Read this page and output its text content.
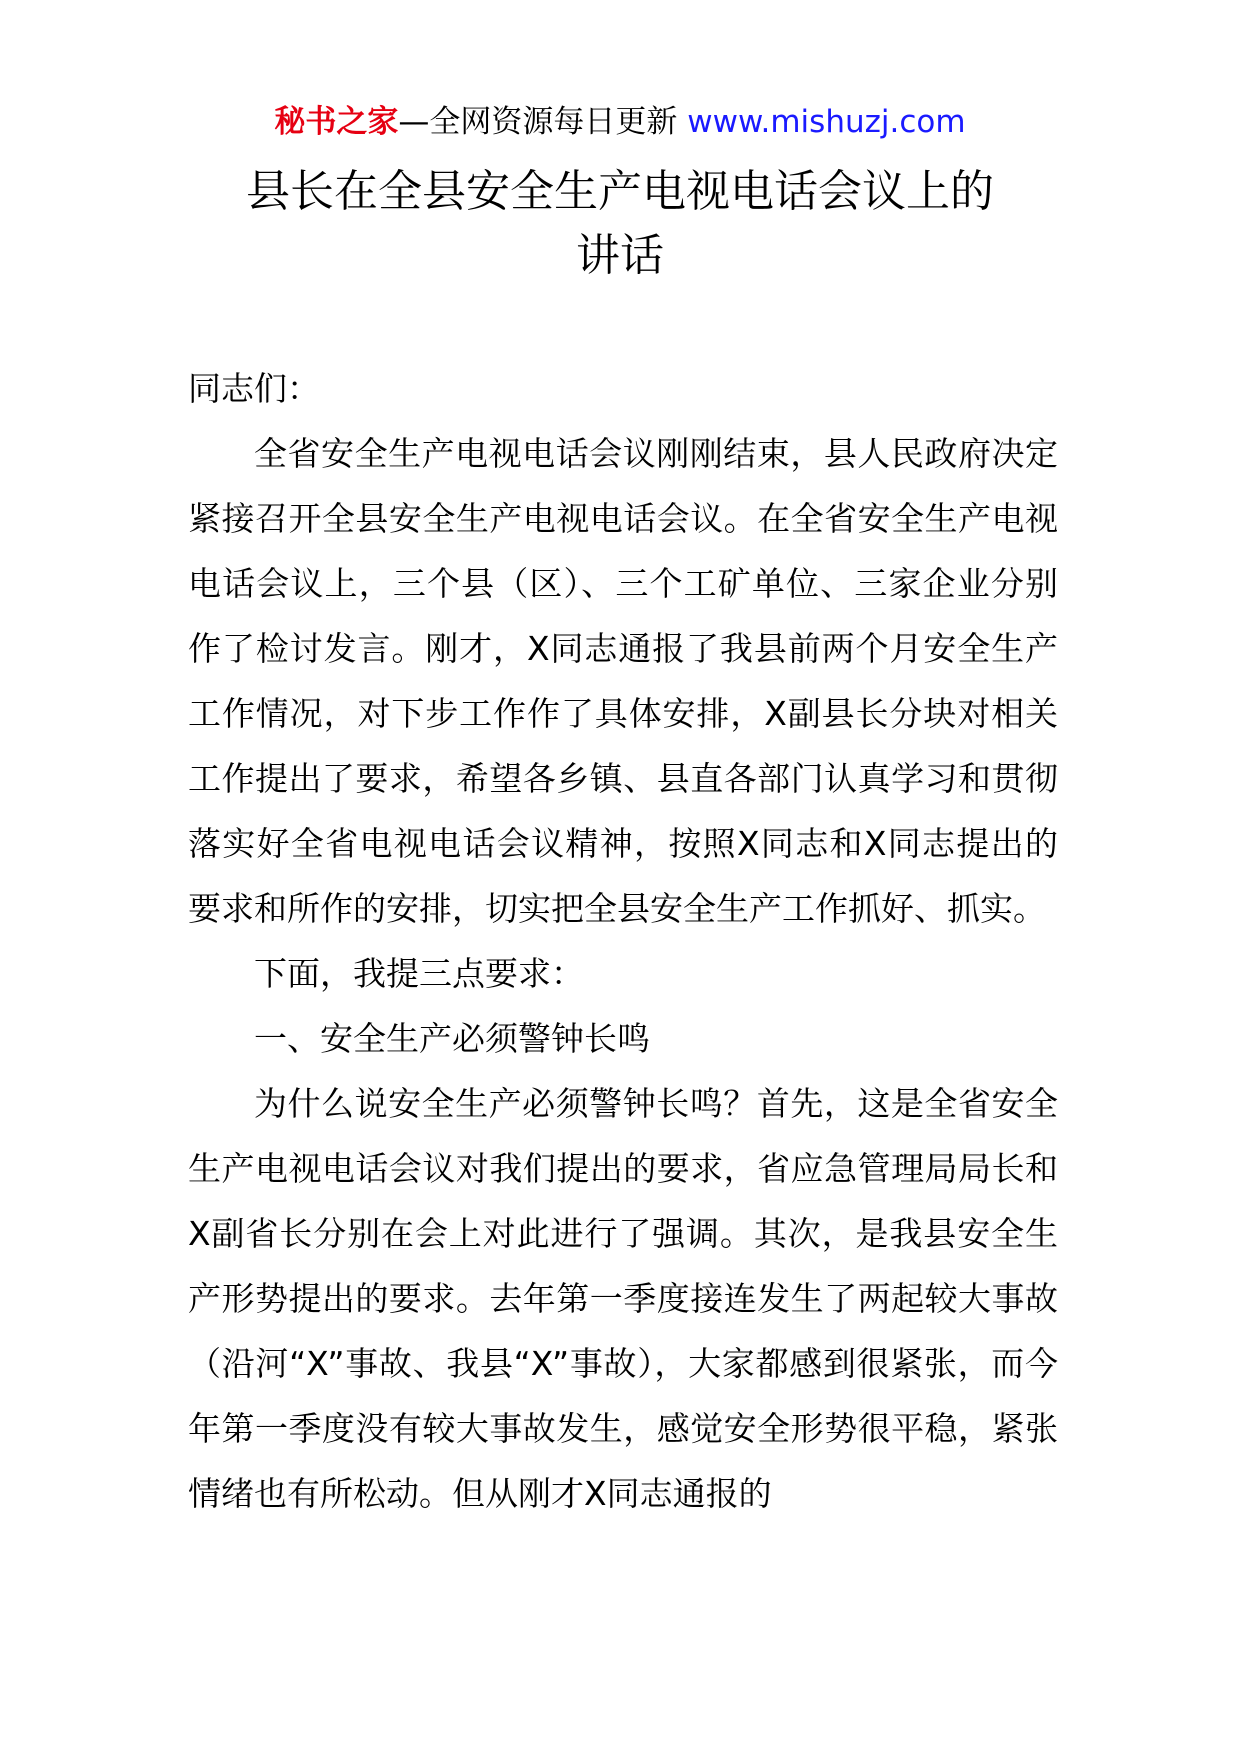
秘书之家—全网资源每日更新 www.mishuzj.com
县长在全县安全生产电视电话会议上的
讲话

同志们：

全省安全生产电视电话会议刚刚结束，县人民政府决定紧接召开全县安全生产电视电话会议。在全省安全生产电视电话会议上，三个县（区）、三个工矿单位、三家企业分别作了检讨发言。刚才，X同志通报了我县前两个月安全生产工作情况，对下步工作作了具体安排，X副县长分块对相关工作提出了要求，希望各乡镇、县直各部门认真学习和贯彻落实好全省电视电话会议精神，按照X同志和X同志提出的要求和所作的安排，切实把全县安全生产工作抓好、抓实。

下面，我提三点要求：

一、安全生产必须警钟长鸣

为什么说安全生产必须警钟长鸣？首先，这是全省安全生产电视电话会议对我们提出的要求，省应急管理局局长和X副省长分别在会上对此进行了强调。其次，是我县安全生产形势提出的要求。去年第一季度接连发生了两起较大事故（沿河“X”事故、我县“X”事故），大家都感到很紧张，而今年第一季度没有较大事故发生，感觉安全形势很平稳，紧张情绪也有所松动。但从刚才X同志通报的
